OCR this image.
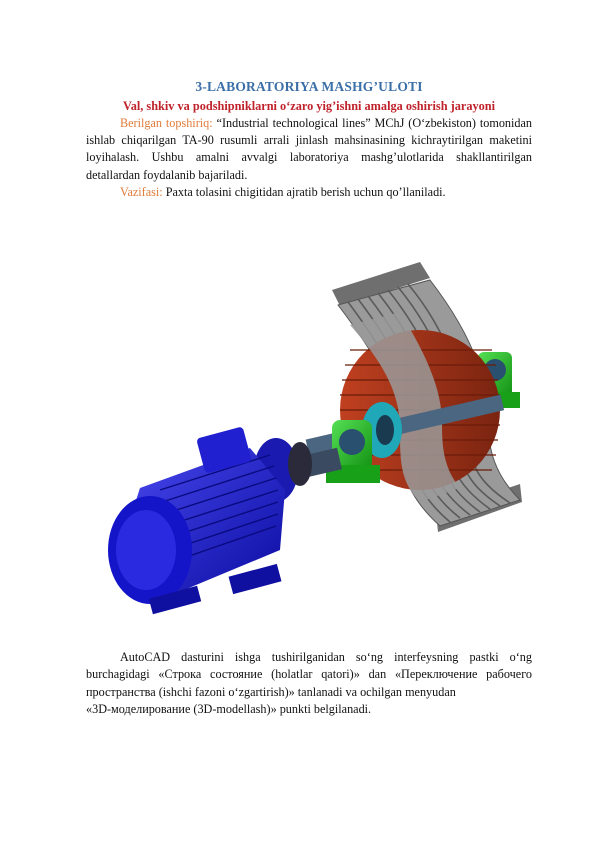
3-LABORATORIYA MASHG’ULOTI
Val, shkiv va podshipniklarni o‘zaro yig’ishni amalga oshirish jarayoni

Berilgan topshiriq: “Industrial technological lines” MChJ (O‘zbekiston) tomonidan ishlab chiqarilgan TA-90 rusumli arrali jinlash mahsinasining kichraytirilgan maketini loyihalash. Ushbu amalni avvalgi laboratoriya mashg’ulotlarida shakllantirilgan detallardan foydalanib bajariladi.

Vazifasi: Paxta tolasini chigitidan ajratib berish uchun qo’llaniladi.

AutoCAD dasturini ishga tushirilganidan so‘ng interfeysning pastki o‘ng burchagidagi «Строка состояние (holatlar qatori)» dan «Переключение рабочего пространства (ishchi fazoni o‘zgartirish)» tanlanadi va ochilgan menyudan

«3D-моделирование (3D-modellash)» punkti belgilanadi.
